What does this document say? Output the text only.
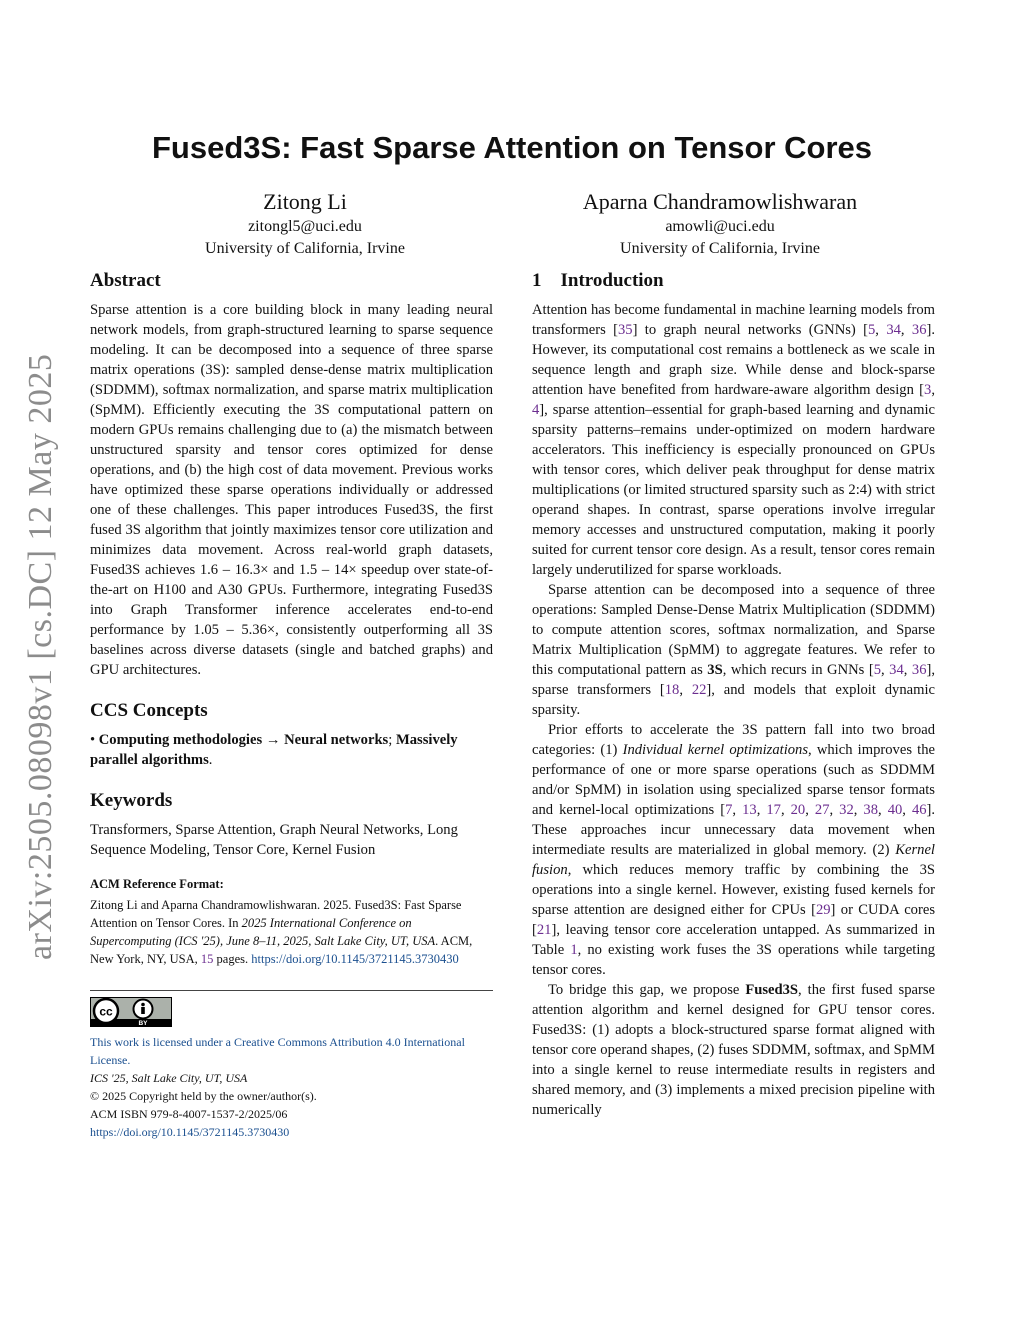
arXiv:2505.08098v1 [cs.DC] 12 May 2025
Fused3S: Fast Sparse Attention on Tensor Cores
Zitong Li
zitongl5@uci.edu
University of California, Irvine
Aparna Chandramowlishwaran
amowli@uci.edu
University of California, Irvine
Abstract

Sparse attention is a core building block in many leading neural network models, from graph-structured learning to sparse sequence modeling. It can be decomposed into a sequence of three sparse matrix operations (3S): sampled dense-dense matrix multiplication (SDDMM), softmax normalization, and sparse matrix multiplication (SpMM). Efficiently executing the 3S computational pattern on modern GPUs remains challenging due to (a) the mismatch between unstructured sparsity and tensor cores optimized for dense operations, and (b) the high cost of data movement. Previous works have optimized these sparse operations individually or addressed one of these challenges. This paper introduces Fused3S, the first fused 3S algorithm that jointly maximizes tensor core utilization and minimizes data movement. Across real-world graph datasets, Fused3S achieves 1.6 – 16.3× and 1.5 – 14× speedup over state-of-the-art on H100 and A30 GPUs. Furthermore, integrating Fused3S into Graph Transformer inference accelerates end-to-end performance by 1.05 – 5.36×, consistently outperforming all 3S baselines across diverse datasets (single and batched graphs) and GPU architectures.

CCS Concepts

• Computing methodologies → Neural networks; Massively parallel algorithms.

Keywords

Transformers, Sparse Attention, Graph Neural Networks, Long Sequence Modeling, Tensor Core, Kernel Fusion

ACM Reference Format:
Zitong Li and Aparna Chandramowlishwaran. 2025. Fused3S: Fast Sparse Attention on Tensor Cores. In 2025 International Conference on Supercomputing (ICS '25), June 8–11, 2025, Salt Lake City, UT, USA. ACM, New York, NY, USA, 15 pages. https://doi.org/10.1145/3721145.3730430
cc
BY

This work is licensed under a Creative Commons Attribution 4.0 International License.

ICS '25, Salt Lake City, UT, USA

© 2025 Copyright held by the owner/author(s).

ACM ISBN 979-8-4007-1537-2/2025/06

https://doi.org/10.1145/3721145.3730430

1    Introduction

Attention has become fundamental in machine learning models from transformers [35] to graph neural networks (GNNs) [5, 34, 36]. However, its computational cost remains a bottleneck as we scale in sequence length and graph size. While dense and block-sparse attention have benefited from hardware-aware algorithm design [3, 4], sparse attention–essential for graph-based learning and dynamic sparsity patterns–remains under-optimized on modern hardware accelerators. This inefficiency is especially pronounced on GPUs with tensor cores, which deliver peak throughput for dense matrix multiplications (or limited structured sparsity such as 2:4) with strict operand shapes. In contrast, sparse operations involve irregular memory accesses and unstructured computation, making it poorly suited for current tensor core design. As a result, tensor cores remain largely underutilized for sparse workloads.

Sparse attention can be decomposed into a sequence of three operations: Sampled Dense-Dense Matrix Multiplication (SDDMM) to compute attention scores, softmax normalization, and Sparse Matrix Multiplication (SpMM) to aggregate features. We refer to this computational pattern as 3S, which recurs in GNNs [5, 34, 36], sparse transformers [18, 22], and models that exploit dynamic sparsity.

Prior efforts to accelerate the 3S pattern fall into two broad categories: (1) Individual kernel optimizations, which improves the performance of one or more sparse operations (such as SDDMM and/or SpMM) in isolation using specialized sparse tensor formats and kernel-local optimizations [7, 13, 17, 20, 27, 32, 38, 40, 46]. These approaches incur unnecessary data movement when intermediate results are materialized in global memory. (2) Kernel fusion, which reduces memory traffic by combining the 3S operations into a single kernel. However, existing fused kernels for sparse attention are designed either for CPUs [29] or CUDA cores [21], leaving tensor core acceleration untapped. As summarized in Table 1, no existing work fuses the 3S operations while targeting tensor cores.

To bridge this gap, we propose Fused3S, the first fused sparse attention algorithm and kernel designed for GPU tensor cores. Fused3S: (1) adopts a block-structured sparse format aligned with tensor core operand shapes, (2) fuses SDDMM, softmax, and SpMM into a single kernel to reuse intermediate results in registers and shared memory, and (3) implements a mixed precision pipeline with numerically
